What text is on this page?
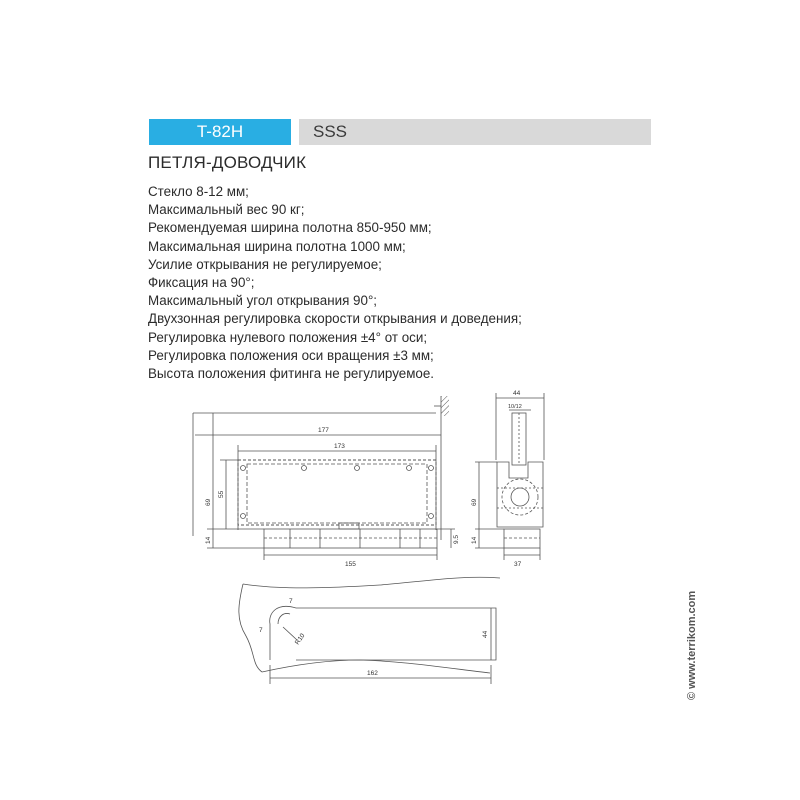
T-82H	SSS
ПЕТЛЯ-ДОВОДЧИК
Стекло 8-12 мм;
Максимальный вес 90 кг;
Рекомендуемая ширина полотна 850-950 мм;
Максимальная ширина полотна 1000 мм;
Усилие открывания не регулируемое;
Фиксация на 90°;
Максимальный угол открывания 90°;
Двухзонная регулировка скорости открывания и доведения;
Регулировка нулевого положения ±4° от оси;
Регулировка положения оси вращения ±3 мм;
Высота положения фитинга не регулируемое.
177
173
155
69
55
14	9.5
44
10/12
37
69
14
162
44
7
7
R10	© www.terrikom.com
